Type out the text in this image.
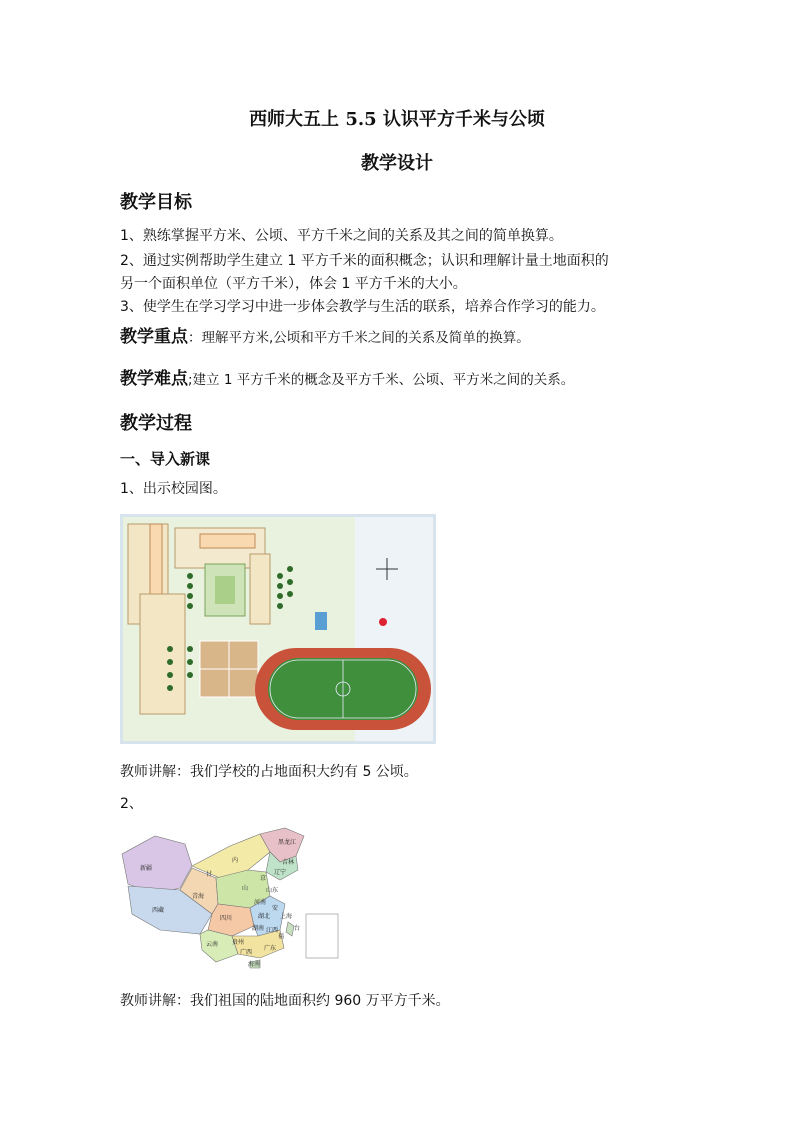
西师大五上 5.5 认识平方千米与公顷
教学设计
教学目标
1、熟练掌握平方米、公顷、平方千米之间的关系及其之间的简单换算。
2、通过实例帮助学生建立 1 平方千米的面积概念；认识和理解计量土地面积的
另一个面积单位（平方千米），体会 1 平方千米的大小。
3、使学生在学习学习中进一步体会教学与生活的联系，培养合作学习的能力。
教学重点：理解平方米,公顷和平方千米之间的关系及简单的换算。
教学难点;建立 1 平方千米的概念及平方千米、公顷、平方米之间的关系。
教学过程
一、导入新课
1、出示校园图。
教师讲解：我们学校的占地面积大约有 5 公顷。
2、
新疆
西藏
青海
甘
内
黑龙江
吉林
辽宁
京
山	山东
河南
湖北
安
上海
江西
湖南
四川
贵州
云南
广西
广东
福
台
海南
教师讲解：我们祖国的陆地面积约 960 万平方千米。
